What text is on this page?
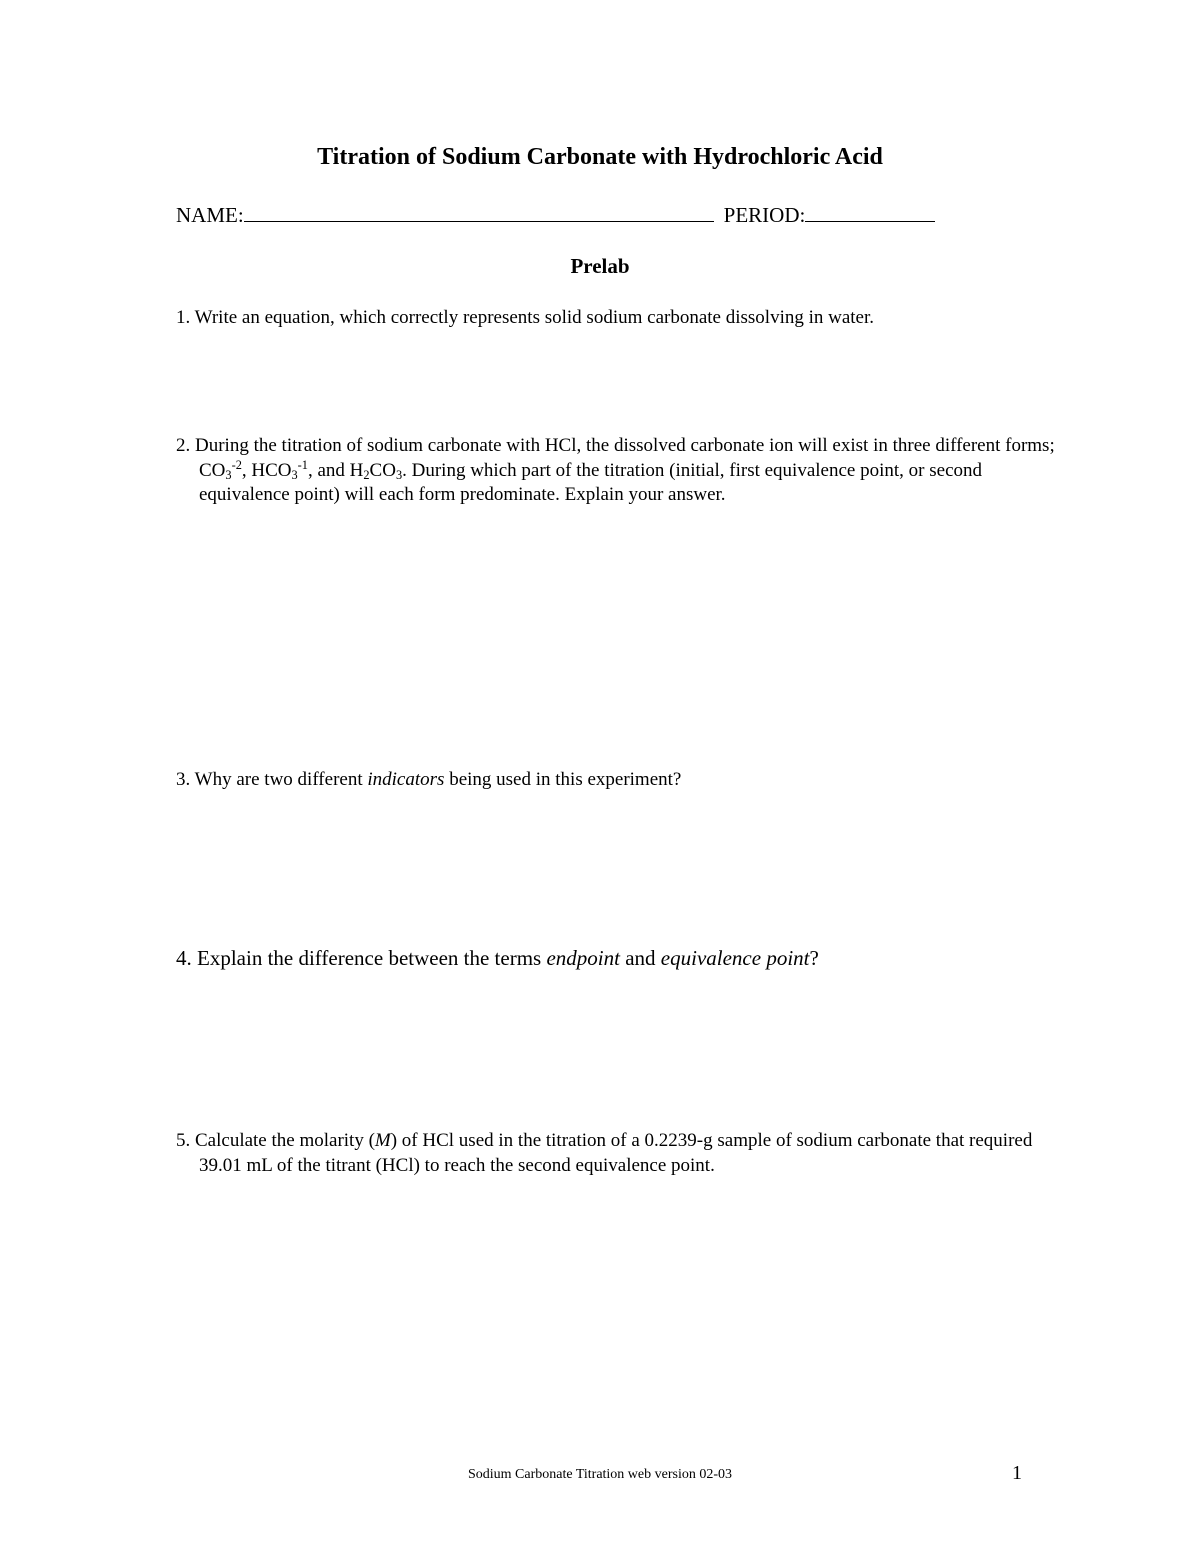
Titration of Sodium Carbonate with Hydrochloric Acid
NAME:	PERIOD:
Prelab
1. Write an equation, which correctly represents solid sodium carbonate dissolving in water.
2. During the titration of sodium carbonate with HCl, the dissolved carbonate ion will exist in three different forms; $CO_3^{-2}$, $HCO_3^{-1}$, and $H_2CO_3$. During which part of the titration (initial, first equivalence point, or second equivalence point) will each form predominate. Explain your answer.
3. Why are two different indicators being used in this experiment?
4. Explain the difference between the terms endpoint and equivalence point?
5. Calculate the molarity (M) of HCl used in the titration of a 0.2239-g sample of sodium carbonate that required 39.01 mL of the titrant (HCl) to reach the second equivalence point.
Sodium Carbonate Titration web version 02-03	1
